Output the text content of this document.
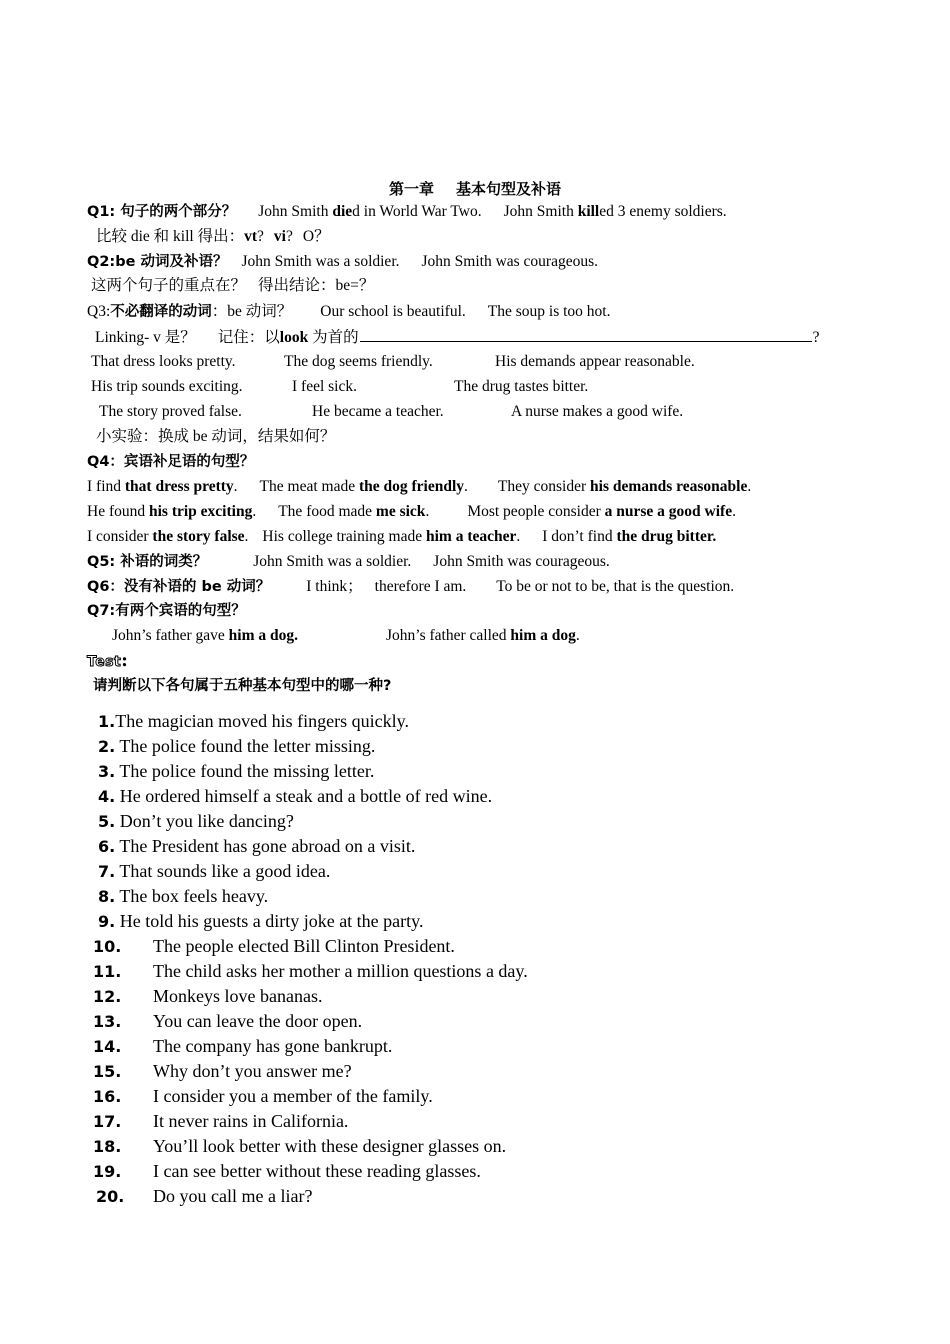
第一章 基本句型及补语
Q1: 句子的两个部分？ John Smith died in World War Two. John Smith killed 3 enemy soldiers.
比较 die 和 kill 得出：vt? vi? O？
Q2:be 动词及补语？ John Smith was a soldier. John Smith was courageous.
这两个句子的重点在？ 得出结论：be=？
Q3:不必翻译的动词：be 动词？ Our school is beautiful. The soup is too hot.
Linking- v 是？ 记住：以look 为首的	?
That dress looks pretty.	The dog seems friendly.	His demands appear reasonable.
His trip sounds exciting.	I feel sick.	The drug tastes bitter.
The story proved false.	He became a teacher.	A nurse makes a good wife.
小实验：换成 be 动词，结果如何？
Q4：宾语补足语的句型？
I find that dress pretty. The meat made the dog friendly. They consider his demands reasonable.
He found his trip exciting. The food made me sick. Most people consider a nurse a good wife.
I consider the story false. His college training made him a teacher. I don’t find the drug bitter.
Q5: 补语的词类？	John Smith was a soldier. John Smith was courageous.
Q6：没有补语的 be 动词？ I think； therefore I am. To be or not to be, that is the question.
Q7:有两个宾语的句型？
John’s father gave him a dog.	John’s father called him a dog.
Test：
请判断以下各句属于五种基本句型中的哪一种?
1.The magician moved his fingers quickly.
2. The police found the letter missing.
3. The police found the missing letter.
4. He ordered himself a steak and a bottle of red wine.
5. Don’t you like dancing?
6. The President has gone abroad on a visit.
7. That sounds like a good idea.
8. The box feels heavy.
9. He told his guests a dirty joke at the party.
10. The people elected Bill Clinton President.
11. The child asks her mother a million questions a day.
12. Monkeys love bananas.
13. You can leave the door open.
14. The company has gone bankrupt.
15. Why don’t you answer me?
16. I consider you a member of the family.
17. It never rains in California.
18. You’ll look better with these designer glasses on.
19. I can see better without these reading glasses.
20. Do you call me a liar?
